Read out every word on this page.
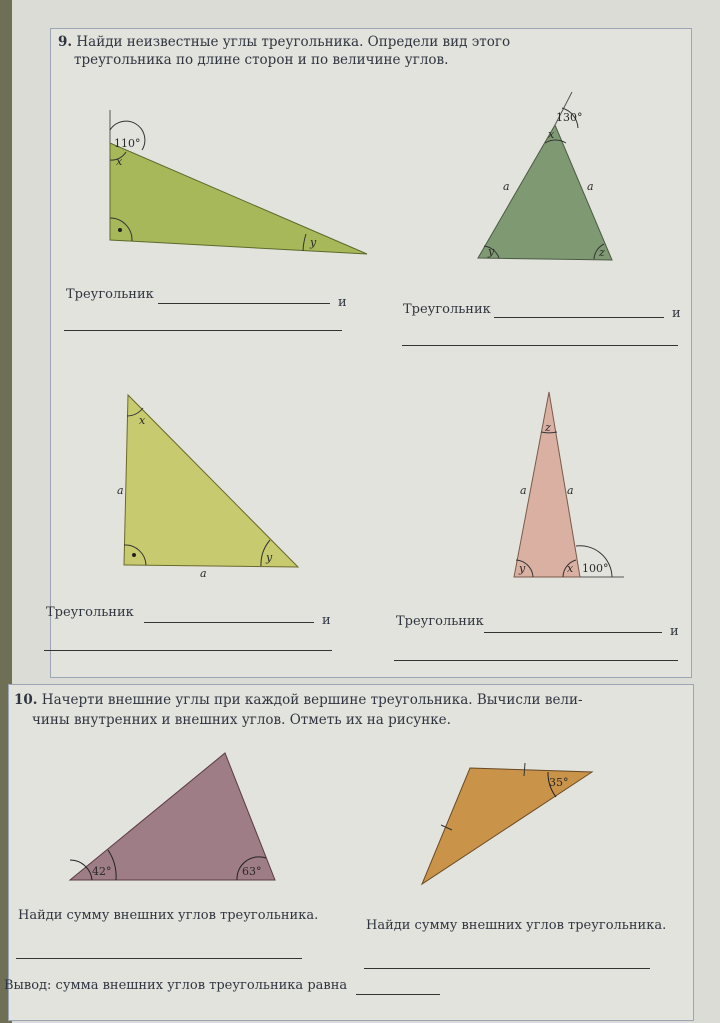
9. Найди неизвестные углы треугольника. Определи вид этого
треугольника по длине сторон и по величине углов.
10. Начерти внешние углы при каждой вершине треугольника. Вычисли вели-
чины внутренних и внешних углов. Отметь их на рисунке.
110°
x
y
130°
x
y	z
a	a
x
y
a
a
z
y	x 100°
a	a
42°	63°
35°
Треугольник
и	Треугольник	и
Треугольник
и	Треугольник
и
Найди сумму внешних углов треугольника.
Найди сумму внешних углов треугольника.
Вывод: сумма внешних углов треугольника равна
